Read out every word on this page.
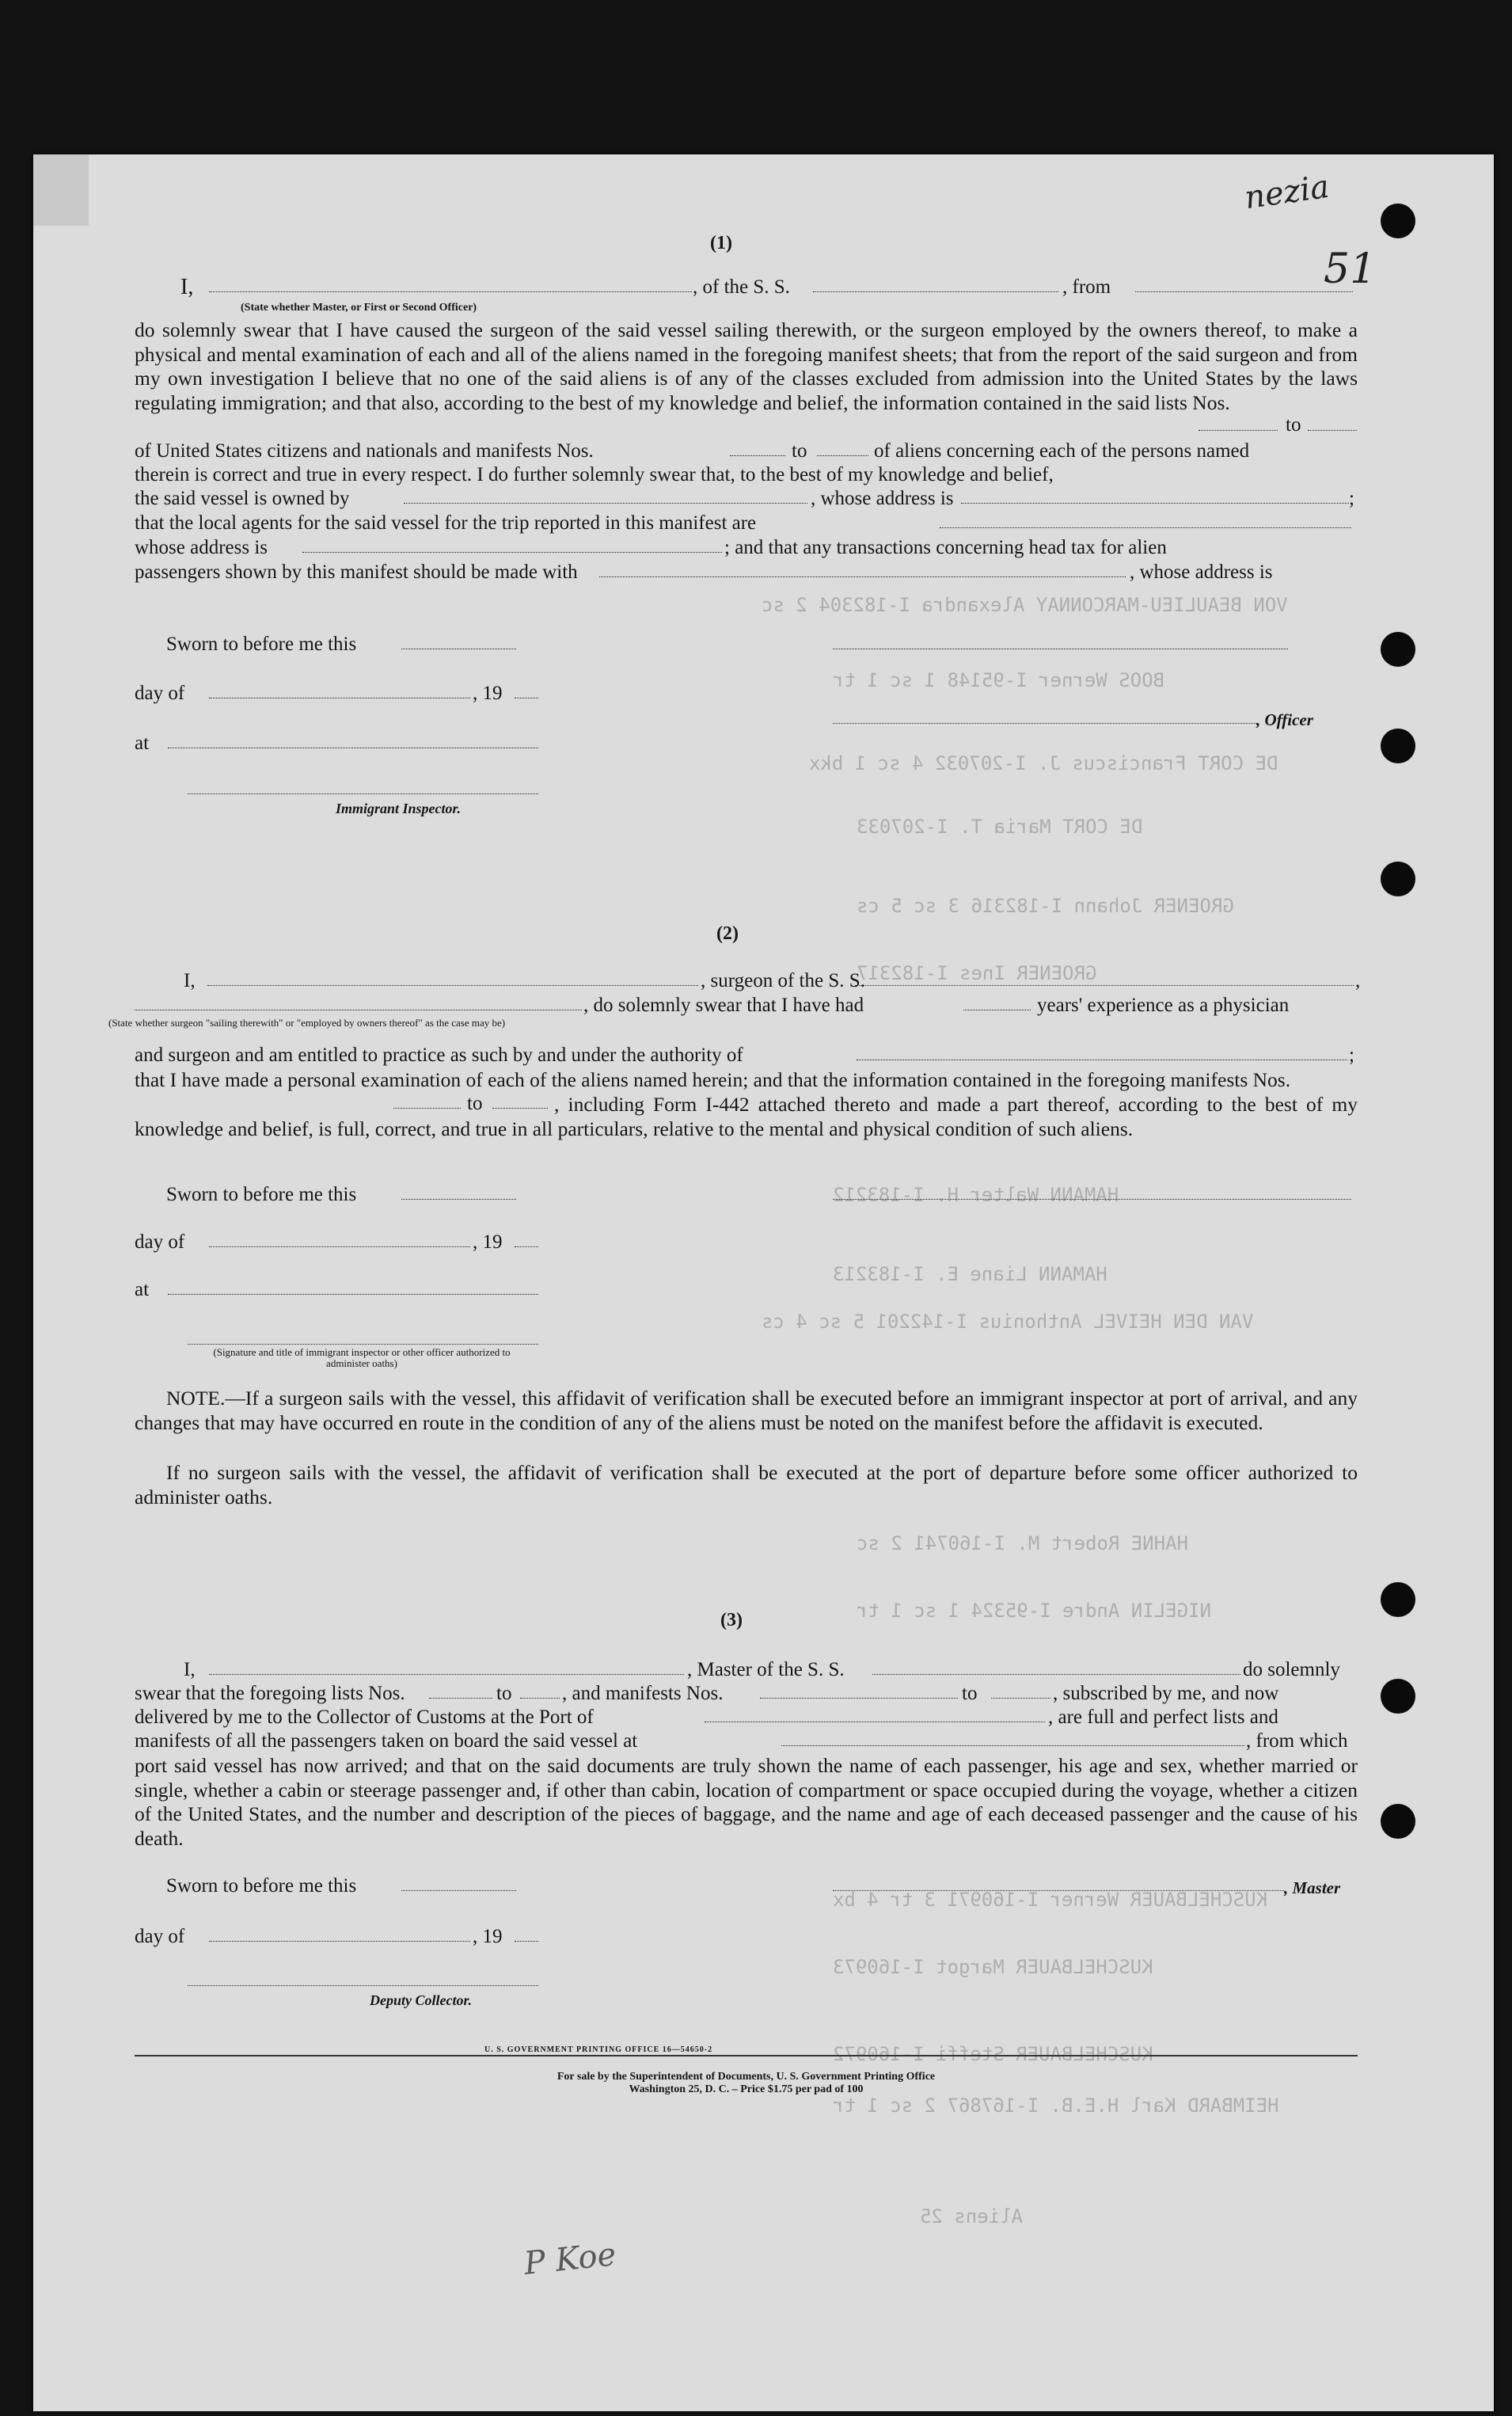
VON BEAULIEU-MARCONNAY Alexandra I-182304 2 sc
BOOS Werner I-95148 1 sc 1 tr
DE CORT Franciscus J. I-207032 4 sc 1 bkx
DE CORT Maria T. I-207033
GROENER Johann I-182316 3 sc 5 cs
GROENER Ines I-182317
HAMANN Walter H. I-183212
HAMANN Liane E. I-183213
VAN DEN HEIVEL Anthonius I-142201 5 sc 4 cs
HAHNE Robert M. I-160741 2 sc
NIGELIN Andre I-95324 1 sc 1 tr
KUSCHELBAUER Werner I-160971 3 tr 4 bx
KUSCHELBAUER Margot I-160973
KUSCHELBAUER Steffi I-160972
HEIMBARD Karl H.E.B. I-167867 2 sc 1 tr
Aliens 25
nezia
51
P Koe
(1)
I,	, of the S. S.	, from
(State whether Master, or First or Second Officer)
do solemnly swear that I have caused the surgeon of the said vessel sailing therewith, or the surgeon employed by the owners thereof, to make a physical and mental examination of each and all of the aliens named in the foregoing manifest sheets; that from the report of the said surgeon and from my own investigation I believe that no one of the said aliens is of any of the classes excluded from admission into the United States by the laws regulating immigration; and that also, according to the best of my knowledge and belief, the information contained in the said lists Nos.
to
of United States citizens and nationals and manifests Nos.	to	of aliens concerning each of the persons named
therein is correct and true in every respect. I do further solemnly swear that, to the best of my knowledge and belief,
the said vessel is owned by	, whose address is	;
that the local agents for the said vessel for the trip reported in this manifest are
whose address is	; and that any transactions concerning head tax for alien
passengers shown by this manifest should be made with	, whose address is
Sworn to before me this
day of	, 19
, Officer
at
Immigrant Inspector.
(2)
I,	, surgeon of the S. S.	,
, do solemnly swear that I have had	years' experience as a physician
(State whether surgeon "sailing therewith" or "employed by owners thereof" as the case may be)
and surgeon and am entitled to practice as such by and under the authority of	;
that I have made a personal examination of each of the aliens named herein; and that the information contained in the foregoing manifests Nos.
to	, including Form I-442 attached thereto and made a part thereof, according to the best of my knowledge and belief, is full, correct, and true in all particulars, relative to the mental and physical condition of such aliens.
Sworn to before me this
day of	, 19
at
(Signature and title of immigrant inspector or other officer authorized to administer oaths)
NOTE.—If a surgeon sails with the vessel, this affidavit of verification shall be executed before an immigrant inspector at port of arrival, and any changes that may have occurred en route in the condition of any of the aliens must be noted on the manifest before the affidavit is executed.
If no surgeon sails with the vessel, the affidavit of verification shall be executed at the port of departure before some officer authorized to administer oaths.
(3)
I,	, Master of the S. S.	do solemnly
swear that the foregoing lists Nos.	to	, and manifests Nos.	to	, subscribed by me, and now
delivered by me to the Collector of Customs at the Port of	, are full and perfect lists and
manifests of all the passengers taken on board the said vessel at	, from which
port said vessel has now arrived; and that on the said documents are truly shown the name of each passenger, his age and sex, whether married or single, whether a cabin or steerage passenger and, if other than cabin, location of compartment or space occupied during the voyage, whether a citizen of the United States, and the number and description of the pieces of baggage, and the name and age of each deceased passenger and the cause of his death.
Sworn to before me this	, Master
day of	, 19
Deputy Collector.
U. S. GOVERNMENT PRINTING OFFICE 16—54650-2
For sale by the Superintendent of Documents, U. S. Government Printing Office
Washington 25, D. C. – Price $1.75 per pad of 100
